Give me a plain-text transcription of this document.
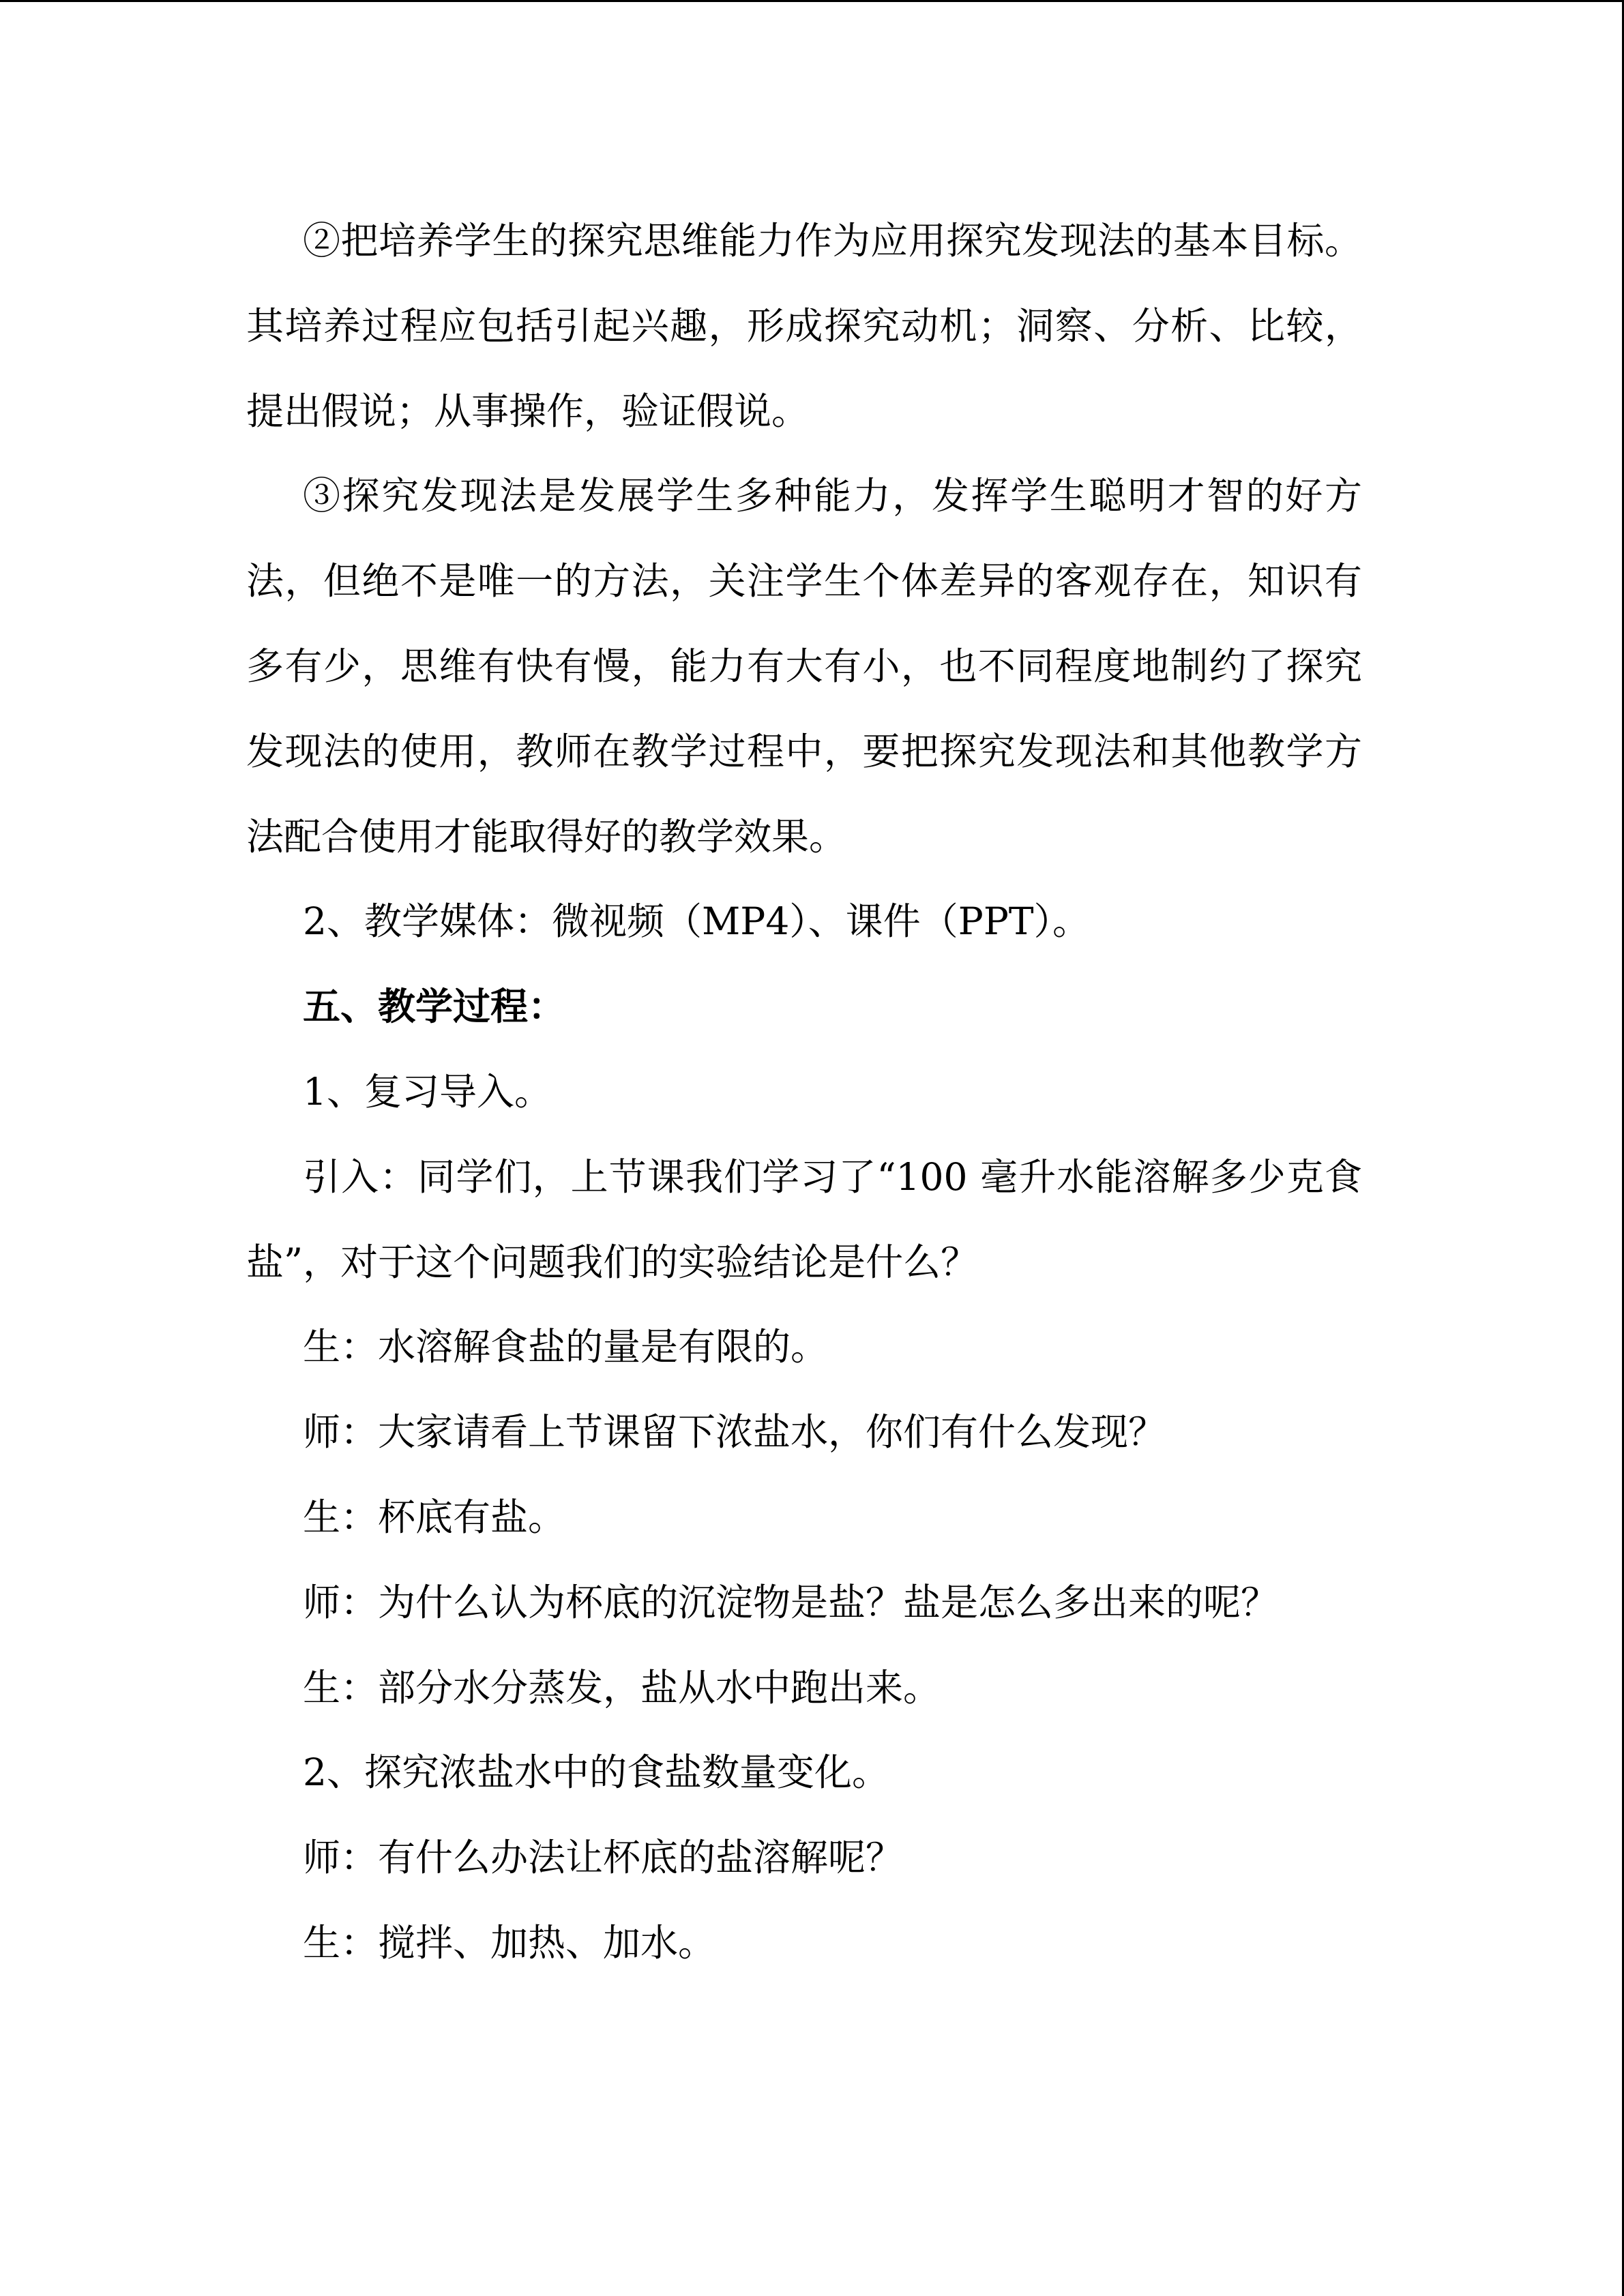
②把培养学生的探究思维能力作为应用探究发现法的基本目标。
其培养过程应包括引起兴趣，形成探究动机；洞察、分析、比较，
提出假说；从事操作，验证假说。
③探究发现法是发展学生多种能力，发挥学生聪明才智的好方
法，但绝不是唯一的方法，关注学生个体差异的客观存在，知识有
多有少，思维有快有慢，能力有大有小，也不同程度地制约了探究
发现法的使用，教师在教学过程中，要把探究发现法和其他教学方
法配合使用才能取得好的教学效果。
2、教学媒体：微视频（MP4）、课件（PPT）。
五、教学过程：
1、复习导入。
引入：同学们，上节课我们学习了“100 毫升水能溶解多少克食
盐”，对于这个问题我们的实验结论是什么？
生：水溶解食盐的量是有限的。
师：大家请看上节课留下浓盐水，你们有什么发现？
生：杯底有盐。
师：为什么认为杯底的沉淀物是盐？盐是怎么多出来的呢？
生：部分水分蒸发，盐从水中跑出来。
2、探究浓盐水中的食盐数量变化。
师：有什么办法让杯底的盐溶解呢？
生：搅拌、加热、加水。
